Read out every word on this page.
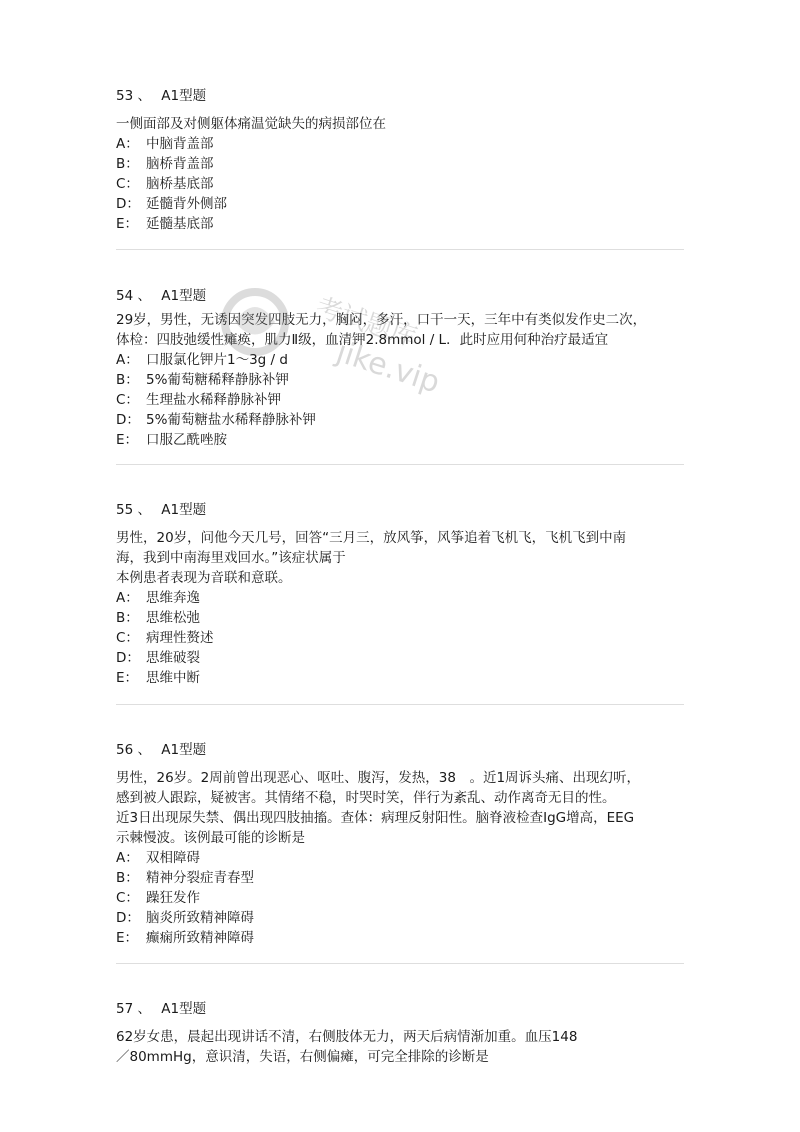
53 、 A1型题
一侧面部及对侧躯体痛温觉缺失的病损部位在
A： 中脑背盖部
B： 脑桥背盖部
C： 脑桥基底部
D： 延髓背外侧部
E： 延髓基底部
54 、 A1型题
29岁，男性，无诱因突发四肢无力，胸闷，多汗，口干一天，三年中有类似发作史二次，
体检：四肢弛缓性瘫痪，肌力Ⅱ级，血清钾2.8mmol / L．此时应用何种治疗最适宜
A： 口服氯化钾片1～3g / d
B： 5%葡萄糖稀释静脉补钾
C： 生理盐水稀释静脉补钾
D： 5%葡萄糖盐水稀释静脉补钾
E： 口服乙酰唑胺
55 、 A1型题
男性，20岁，问他今天几号，回答“三月三，放风筝，风筝追着飞机飞，飞机飞到中南
海，我到中南海里戏回水。”该症状属于
本例患者表现为音联和意联。
A： 思维奔逸
B： 思维松弛
C： 病理性赘述
D： 思维破裂
E： 思维中断
56 、 A1型题
男性，26岁。2周前曾出现恶心、呕吐、腹泻，发热，38　。近1周诉头痛、出现幻听，
感到被人跟踪，疑被害。其情绪不稳，时哭时笑，伴行为紊乱、动作离奇无目的性。
近3日出现尿失禁、偶出现四肢抽搐。查体：病理反射阳性。脑脊液检查IgG增高，EEG
示棘慢波。该例最可能的诊断是
A： 双相障碍
B： 精神分裂症青春型
C： 躁狂发作
D： 脑炎所致精神障碍
E： 癫痫所致精神障碍
57 、 A1型题
62岁女患，晨起出现讲话不清，右侧肢体无力，两天后病情渐加重。血压148
／80mmHg，意识清，失语，右侧偏瘫，可完全排除的诊断是
考试题库
jike.vip
